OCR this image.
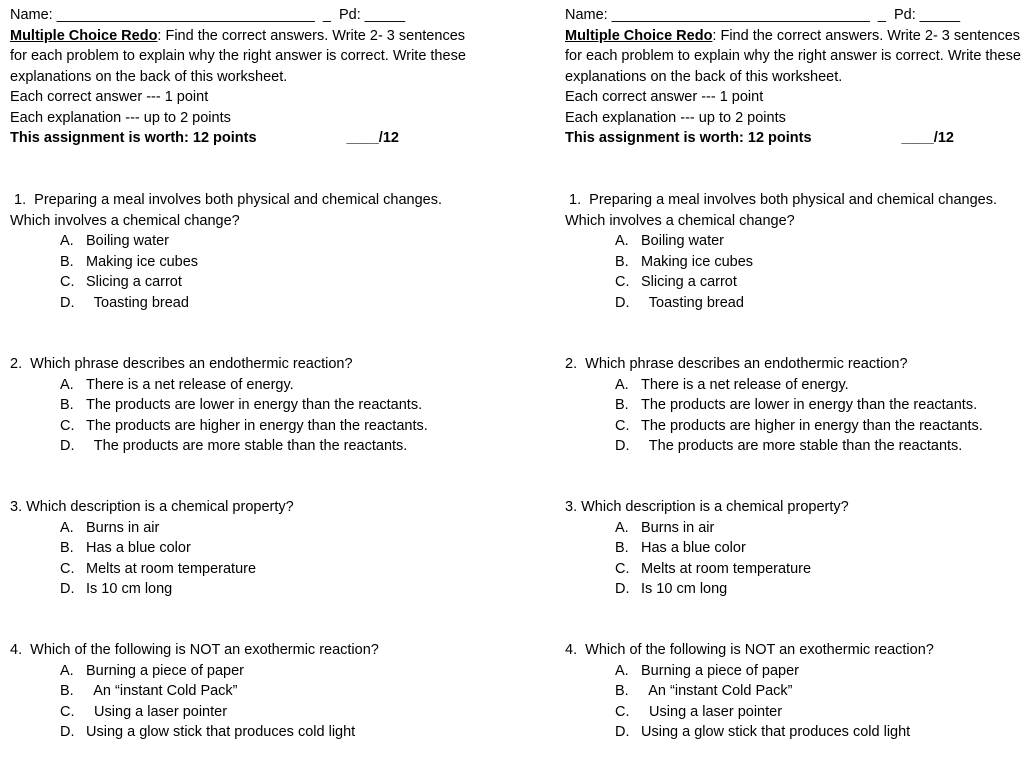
Name: ________________________________  _  Pd: _____
Multiple Choice Redo: Find the correct answers. Write 2- 3 sentences for each problem to explain why the right answer is correct. Write these explanations on the back of this worksheet.
Each correct answer --- 1 point
Each explanation --- up to 2 points
This assignment is worth: 12 points	____/12
1.  Preparing a meal involves both physical and chemical changes.
Which involves a chemical change?
A. Boiling water
B. Making ice cubes
C. Slicing a carrot
D. Toasting bread
2.  Which phrase describes an endothermic reaction?
A. There is a net release of energy.
B. The products are lower in energy than the reactants.
C. The products are higher in energy than the reactants.
D. The products are more stable than the reactants.
3. Which description is a chemical property?
A. Burns in air
B. Has a blue color
C. Melts at room temperature
D. Is 10 cm long
4.  Which of the following is NOT an exothermic reaction?
A. Burning a piece of paper
B. An “instant Cold Pack”
C. Using a laser pointer
D. Using a glow stick that produces cold light
Name: ________________________________  _  Pd: _____
Multiple Choice Redo: Find the correct answers. Write 2- 3 sentences for each problem to explain why the right answer is correct. Write these explanations on the back of this worksheet.
Each correct answer --- 1 point
Each explanation --- up to 2 points
This assignment is worth: 12 points	____/12
1.  Preparing a meal involves both physical and chemical changes.
Which involves a chemical change?
A. Boiling water
B. Making ice cubes
C. Slicing a carrot
D. Toasting bread
2.  Which phrase describes an endothermic reaction?
A. There is a net release of energy.
B. The products are lower in energy than the reactants.
C. The products are higher in energy than the reactants.
D. The products are more stable than the reactants.
3. Which description is a chemical property?
A. Burns in air
B. Has a blue color
C. Melts at room temperature
D. Is 10 cm long
4.  Which of the following is NOT an exothermic reaction?
A. Burning a piece of paper
B. An “instant Cold Pack”
C. Using a laser pointer
D. Using a glow stick that produces cold light
